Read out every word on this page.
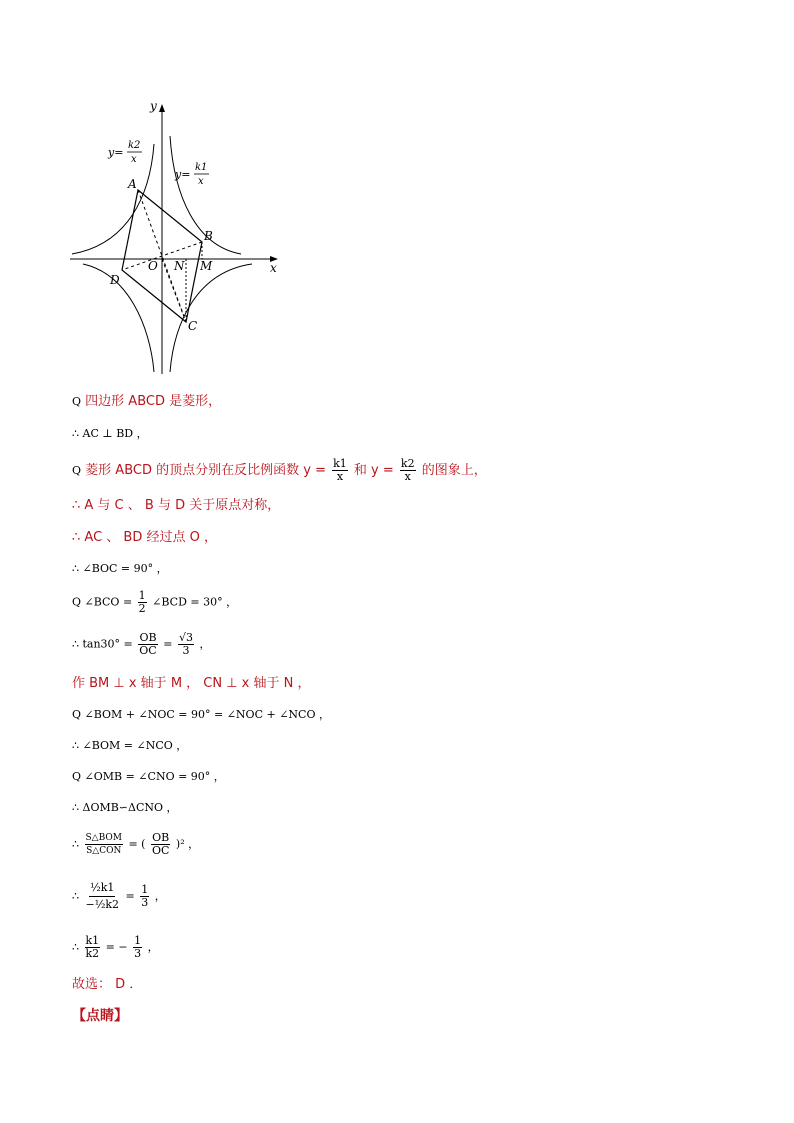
y
x
A
B
C
D
O N M
y=
k2
x
y=
k1
x
Q 四边形 ABCD 是菱形，
∴ AC ⊥ BD ，
Q 菱形 ABCD 的顶点分别在反比例函数 $y = \frac{k1}{x}$ 和 $y = \frac{k2}{x}$ 的图象上，
∴ A 与 C 、 B 与 D 关于原点对称，
∴ AC 、 BD 经过点 O ，
∴ ∠BOC = 90° ，
Q ∠BCO = $\frac{1}{2}$ ∠BCD = 30° ，
∴ $\tan 30^\circ = \frac{OB}{OC} = \frac{√3}{3}$ ，
作 BM ⊥ x 轴于 M ， CN ⊥ x 轴于 N ，
Q ∠BOM + ∠NOC = 90° = ∠NOC + ∠NCO ，
∴ ∠BOM = ∠NCO ，
Q ∠OMB = ∠CNO = 90° ，
∴ ΔOMB∽ΔCNO ，
∴ $\frac{\text{S△BOM}}{\text{S△CON}}$ = ( $\frac{OB}{OC} )^2$ ，
∴ $\frac{\text{½k1}}{\text{−½k2}} = \frac{1}{3}$ ，
∴ $\frac{k1}{k2}$ = − $\frac{1}{3}$ ，
故选： D ．
【点睛】
